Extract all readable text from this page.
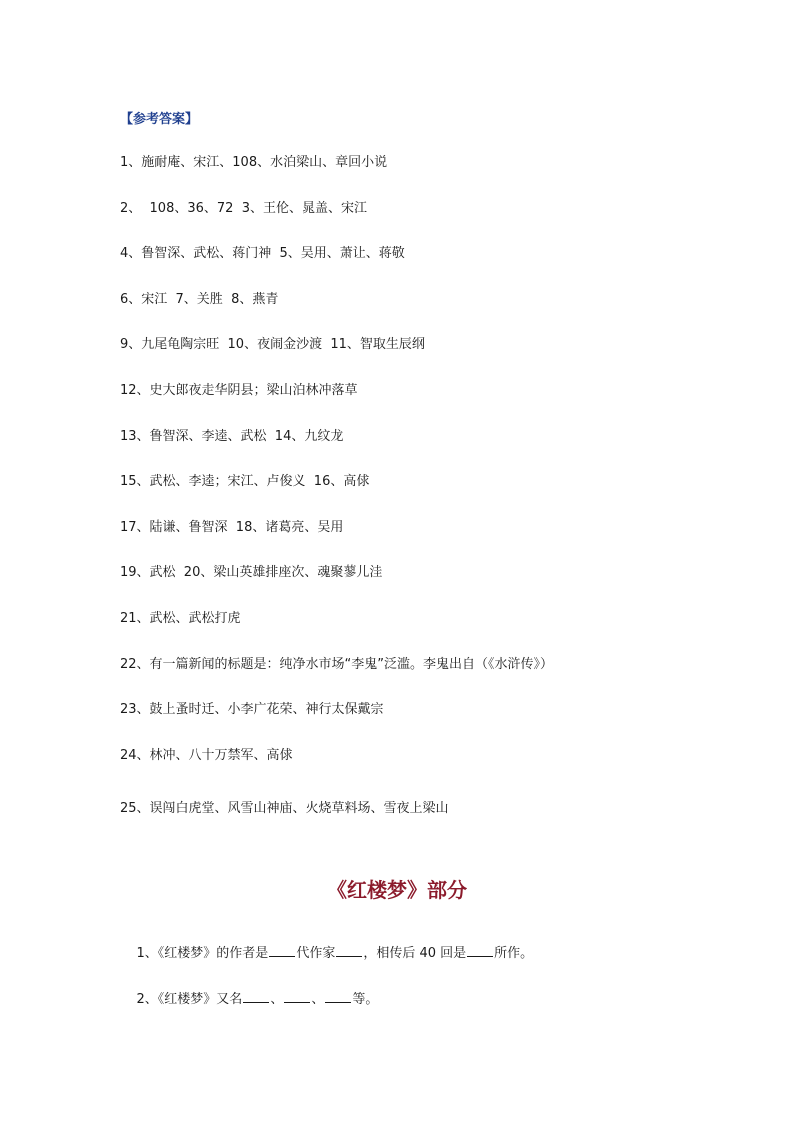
【参考答案】
1、施耐庵、宋江、108、水泊梁山、章回小说
2、  108、36、72  3、王伦、晁盖、宋江
4、鲁智深、武松、蒋门神  5、吴用、萧让、蒋敬
6、宋江  7、关胜  8、燕青
9、九尾龟陶宗旺  10、夜闹金沙渡  11、智取生辰纲
12、史大郎夜走华阴县；梁山泊林冲落草
13、鲁智深、李逵、武松  14、九纹龙
15、武松、李逵；宋江、卢俊义  16、高俅
17、陆谦、鲁智深  18、诸葛亮、吴用
19、武松  20、梁山英雄排座次、魂聚蓼儿洼
21、武松、武松打虎
22、有一篇新闻的标题是：纯净水市场“李鬼”泛滥。李鬼出自（《水浒传》）
23、鼓上蚤时迁、小李广花荣、神行太保戴宗
24、林冲、八十万禁军、高俅
25、误闯白虎堂、风雪山神庙、火烧草料场、雪夜上梁山
《红楼梦》部分

1、《红楼梦》的作者是 代作家 ，相传后 40 回是 所作。

2、《红楼梦》又名 、 、 等。
